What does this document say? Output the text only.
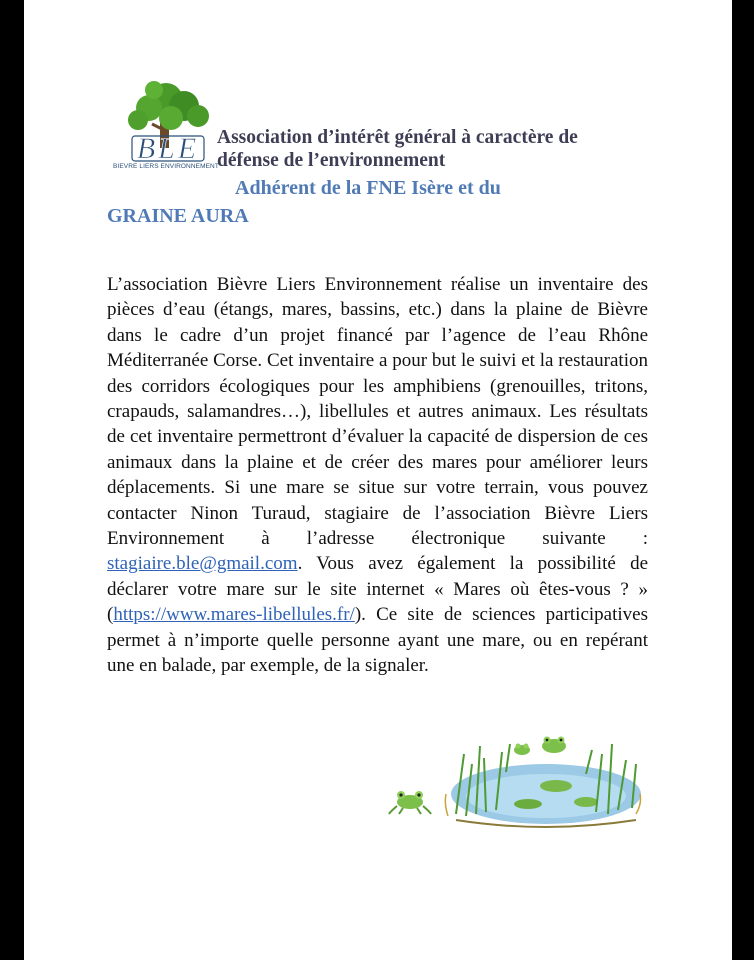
BLE
BIEVRE LIERS ENVIRONNEMENT
Association d’intérêt général à caractère de défense de l’environnement
Adhérent de la FNE Isère et du
GRAINE AURA
L’association Bièvre Liers Environnement réalise un inventaire des pièces d’eau (étangs, mares, bassins, etc.) dans la plaine de Bièvre dans le cadre d’un projet financé par l’agence de l’eau Rhône Méditerranée Corse. Cet inventaire a pour but le suivi et la restauration des corridors écologiques pour les amphibiens (grenouilles, tritons, crapauds, salamandres…), libellules et autres animaux. Les résultats de cet inventaire permettront d’évaluer la capacité de dispersion de ces animaux dans la plaine et de créer des mares pour améliorer leurs déplacements. Si une mare se situe sur votre terrain, vous pouvez contacter Ninon Turaud, stagiaire de l’association Bièvre Liers Environnement à l’adresse électronique suivante : stagiaire.ble@gmail.com. Vous avez également la possibilité de déclarer votre mare sur le site internet « Mares où êtes-vous ? » (https://www.mares-libellules.fr/). Ce site de sciences participatives permet à n’importe quelle personne ayant une mare, ou en repérant une en balade, par exemple, de la signaler.
